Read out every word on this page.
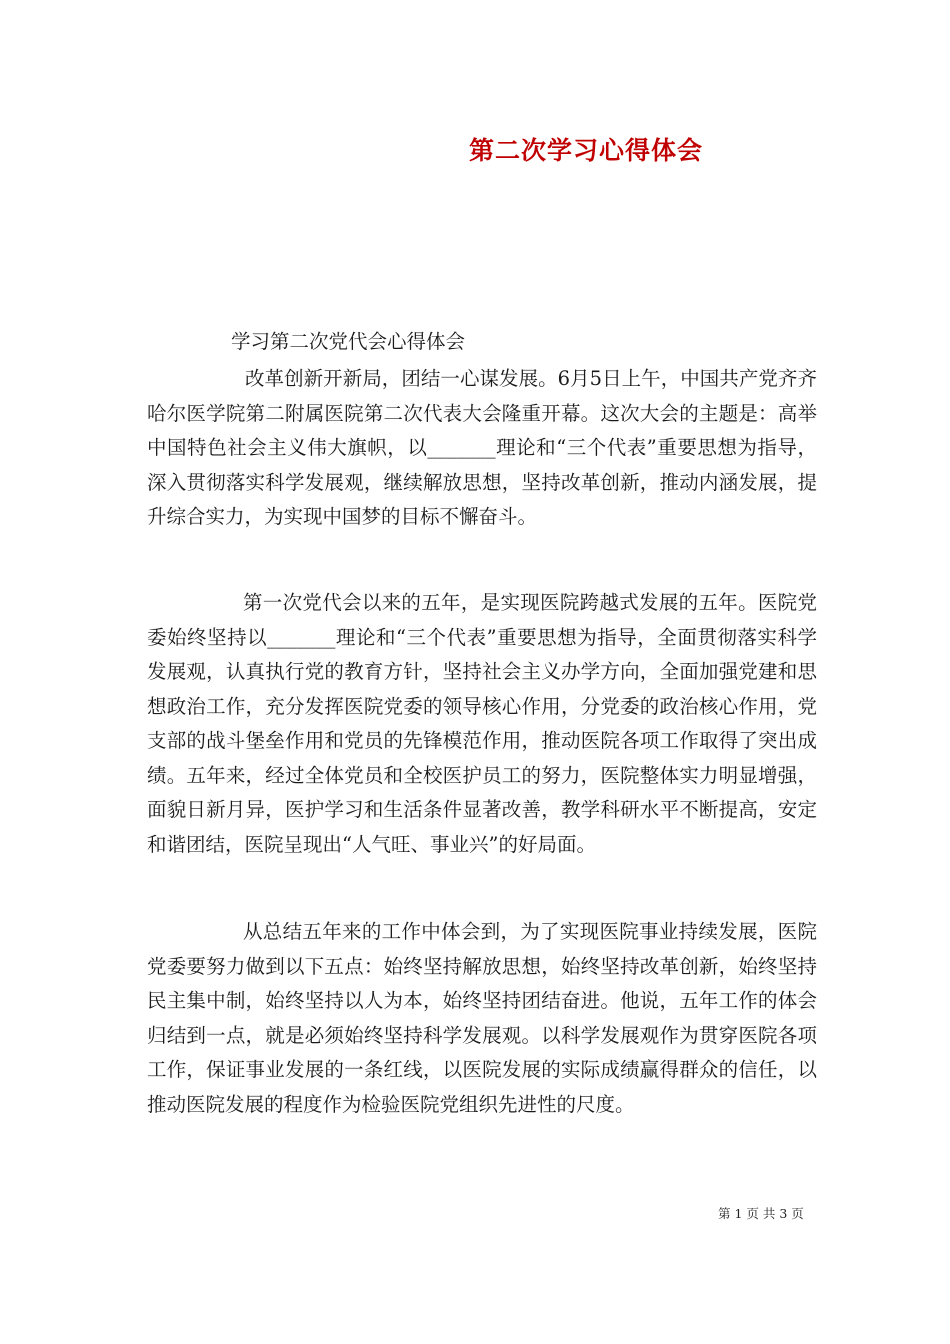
第二次学习心得体会
学习第二次党代会心得体会

改革创新开新局，团结一心谋发展。6月5日上午，中国共产党齐齐哈尔医学院第二附属医院第二次代表大会隆重开幕。这次大会的主题是：高举中国特色社会主义伟大旗帜，以_______理论和“三个代表”重要思想为指导，深入贯彻落实科学发展观，继续解放思想，坚持改革创新，推动内涵发展，提升综合实力，为实现中国梦的目标不懈奋斗。

第一次党代会以来的五年，是实现医院跨越式发展的五年。医院党委始终坚持以_______理论和“三个代表”重要思想为指导，全面贯彻落实科学发展观，认真执行党的教育方针，坚持社会主义办学方向，全面加强党建和思想政治工作，充分发挥医院党委的领导核心作用，分党委的政治核心作用，党支部的战斗堡垒作用和党员的先锋模范作用，推动医院各项工作取得了突出成绩。五年来，经过全体党员和全校医护员工的努力，医院整体实力明显增强，面貌日新月异，医护学习和生活条件显著改善，教学科研水平不断提高，安定和谐团结，医院呈现出“人气旺、事业兴”的好局面。

从总结五年来的工作中体会到，为了实现医院事业持续发展，医院党委要努力做到以下五点：始终坚持解放思想，始终坚持改革创新，始终坚持民主集中制，始终坚持以人为本，始终坚持团结奋进。他说，五年工作的体会归结到一点，就是必须始终坚持科学发展观。以科学发展观作为贯穿医院各项工作，保证事业发展的一条红线，以医院发展的实际成绩赢得群众的信任，以推动医院发展的程度作为检验医院党组织先进性的尺度。

第 1 页 共 3 页
